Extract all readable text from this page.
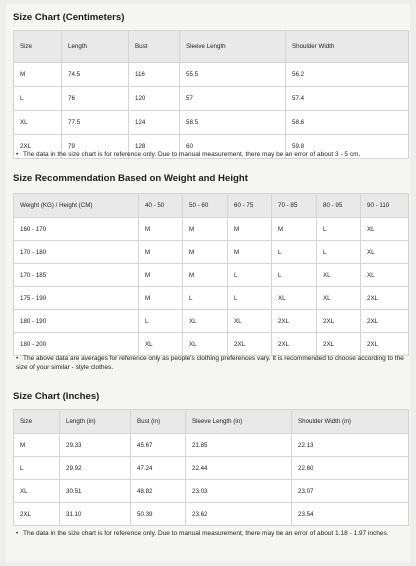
Size Chart (Centimeters)
Size	Length	Bust	Sleeve Length	Shoulder Width
M	74.5	116	55.5	56.2
L	76	120	57	57.4
XL	77.5	124	58.5	58.6
2XL	79	128	60	59.8
• The data in the size chart is for reference only. Due to manual measurement, there may be an error of about 3 - 5 cm.
Size Recommendation Based on Weight and Height
Weight (KG) / Height (CM)	40 - 50	50 - 60	60 - 75	70 - 85	80 - 95	90 - 110
160 - 170	M	M	M	M	L	XL
170 - 180	M	M	M	L	L	XL
170 - 185	M	M	L	L	XL	XL
175 - 190	M	L	L	XL	XL	2XL
180 - 190	L	XL	XL	2XL	2XL	2XL
180 - 200	XL	XL	2XL	2XL	2XL	2XL
• The above data are averages for reference only as people's clothing preferences vary. It is recommended to choose according to the size of your similar - style clothes.
Size Chart (Inches)
Size	Length (in)	Bust (in)	Sleeve Length (in)	Shoulder Width (in)
M	29.33	45.67	21.85	22.13
L	29.92	47.24	22.44	22.60
XL	30.51	48.82	23.03	23.07
2XL	31.10	50.39	23.62	23.54
• The data in the size chart is for reference only. Due to manual measurement, there may be an error of about 1.18 - 1.97 inches.
